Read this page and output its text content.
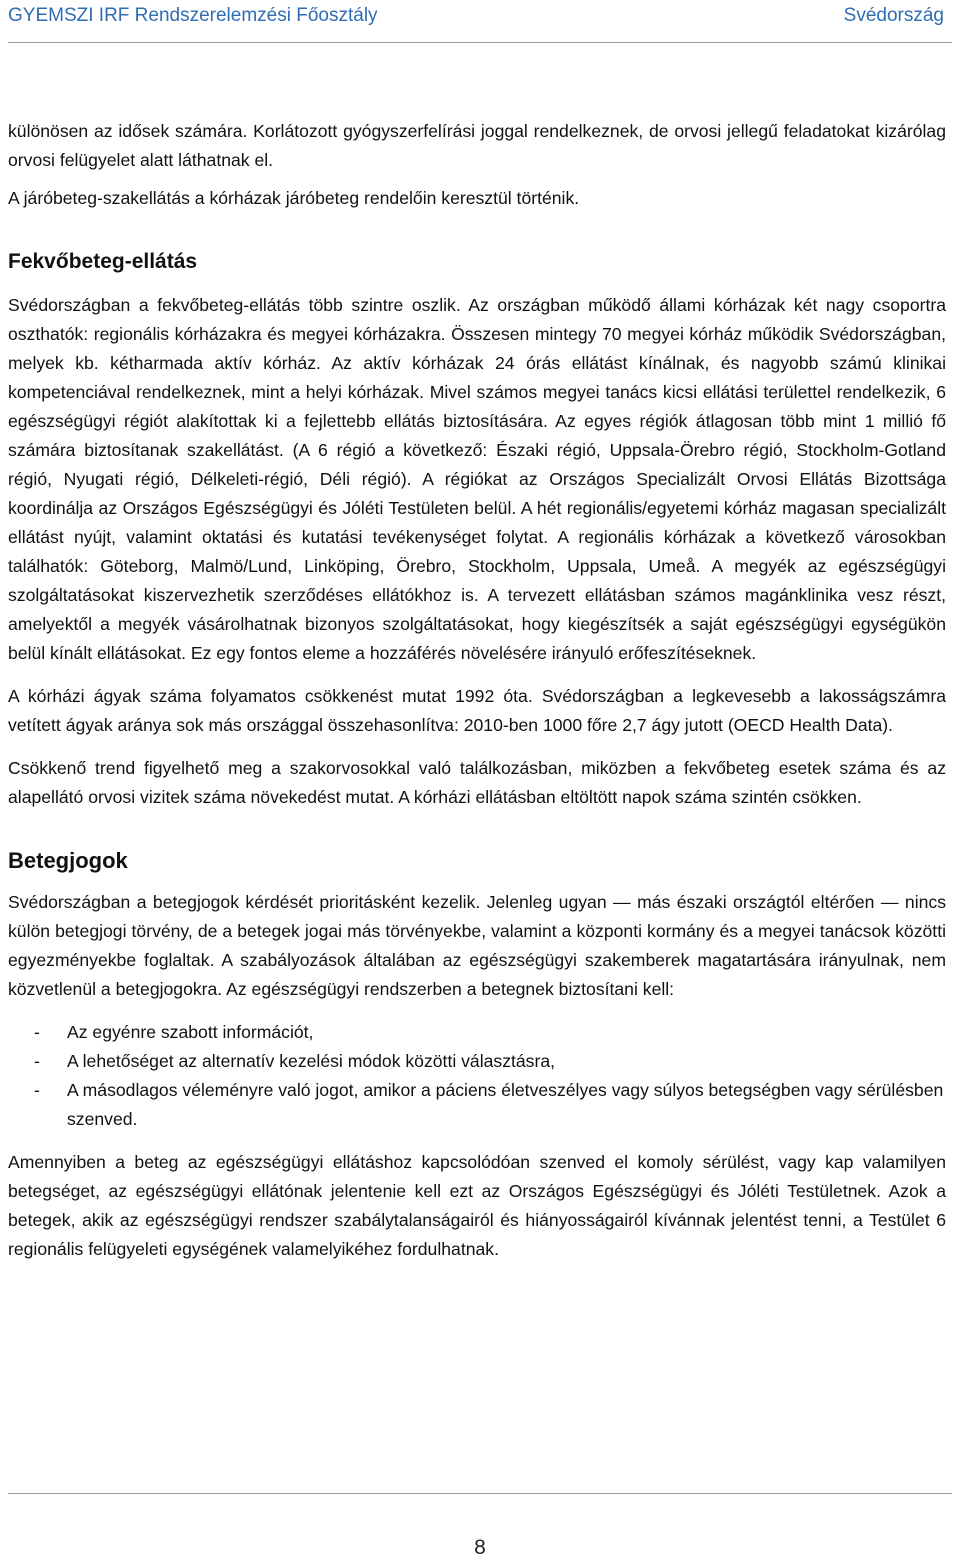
GYEMSZI IRF Rendszerelemzési Főosztály	Svédország

különösen az idősek számára. Korlátozott gyógyszerfelírási joggal rendelkeznek, de orvosi jellegű feladatokat kizárólag orvosi felügyelet alatt láthatnak el.

A járóbeteg-szakellátás a kórházak járóbeteg rendelőin keresztül történik.

Fekvőbeteg-ellátás

Svédországban a fekvőbeteg-ellátás több szintre oszlik. Az országban működő állami kórházak két nagy csoportra oszthatók: regionális kórházakra és megyei kórházakra. Összesen mintegy 70 megyei kórház működik Svédországban, melyek kb. kétharmada aktív kórház. Az aktív kórházak 24 órás ellátást kínálnak, és nagyobb számú klinikai kompetenciával rendelkeznek, mint a helyi kórházak. Mivel számos megyei tanács kicsi ellátási területtel rendelkezik, 6 egészségügyi régiót alakítottak ki a fejlettebb ellátás biztosítására. Az egyes régiók átlagosan több mint 1 millió fő számára biztosítanak szakellátást. (A 6 régió a következő: Északi régió, Uppsala-Örebro régió, Stockholm-Gotland régió, Nyugati régió, Délkeleti-régió, Déli régió). A régiókat az Országos Specializált Orvosi Ellátás Bizottsága koordinálja az Országos Egészségügyi és Jóléti Testületen belül. A hét regionális/egyetemi kórház magasan specializált ellátást nyújt, valamint oktatási és kutatási tevékenységet folytat. A regionális kórházak a következő városokban találhatók: Göteborg, Malmö/Lund, Linköping, Örebro, Stockholm, Uppsala, Umeå. A megyék az egészségügyi szolgáltatásokat kiszervezhetik szerződéses ellátókhoz is. A tervezett ellátásban számos magánklinika vesz részt, amelyektől a megyék vásárolhatnak bizonyos szolgáltatásokat, hogy kiegészítsék a saját egészségügyi egységükön belül kínált ellátásokat. Ez egy fontos eleme a hozzáférés növelésére irányuló erőfeszítéseknek.

A kórházi ágyak száma folyamatos csökkenést mutat 1992 óta. Svédországban a legkevesebb a lakosságszámra vetített ágyak aránya sok más országgal összehasonlítva: 2010-ben 1000 főre 2,7 ágy jutott (OECD Health Data).

Csökkenő trend figyelhető meg a szakorvosokkal való találkozásban, miközben a fekvőbeteg esetek száma és az alapellátó orvosi vizitek száma növekedést mutat. A kórházi ellátásban eltöltött napok száma szintén csökken.

Betegjogok

Svédországban a betegjogok kérdését prioritásként kezelik. Jelenleg ugyan — más északi országtól eltérően — nincs külön betegjogi törvény, de a betegek jogai más törvényekbe, valamint a központi kormány és a megyei tanácsok közötti egyezményekbe foglaltak. A szabályozások általában az egészségügyi szakemberek magatartására irányulnak, nem közvetlenül a betegjogokra. Az egészségügyi rendszerben a betegnek biztosítani kell:

- Az egyénre szabott információt,
- A lehetőséget az alternatív kezelési módok közötti választásra,
- A másodlagos véleményre való jogot, amikor a páciens életveszélyes vagy súlyos betegségben vagy sérülésben szenved.

Amennyiben a beteg az egészségügyi ellátáshoz kapcsolódóan szenved el komoly sérülést, vagy kap valamilyen betegséget, az egészségügyi ellátónak jelentenie kell ezt az Országos Egészségügyi és Jóléti Testületnek. Azok a betegek, akik az egészségügyi rendszer szabálytalanságairól és hiányosságairól kívánnak jelentést tenni, a Testület 6 regionális felügyeleti egységének valamelyikéhez fordulhatnak.

8
